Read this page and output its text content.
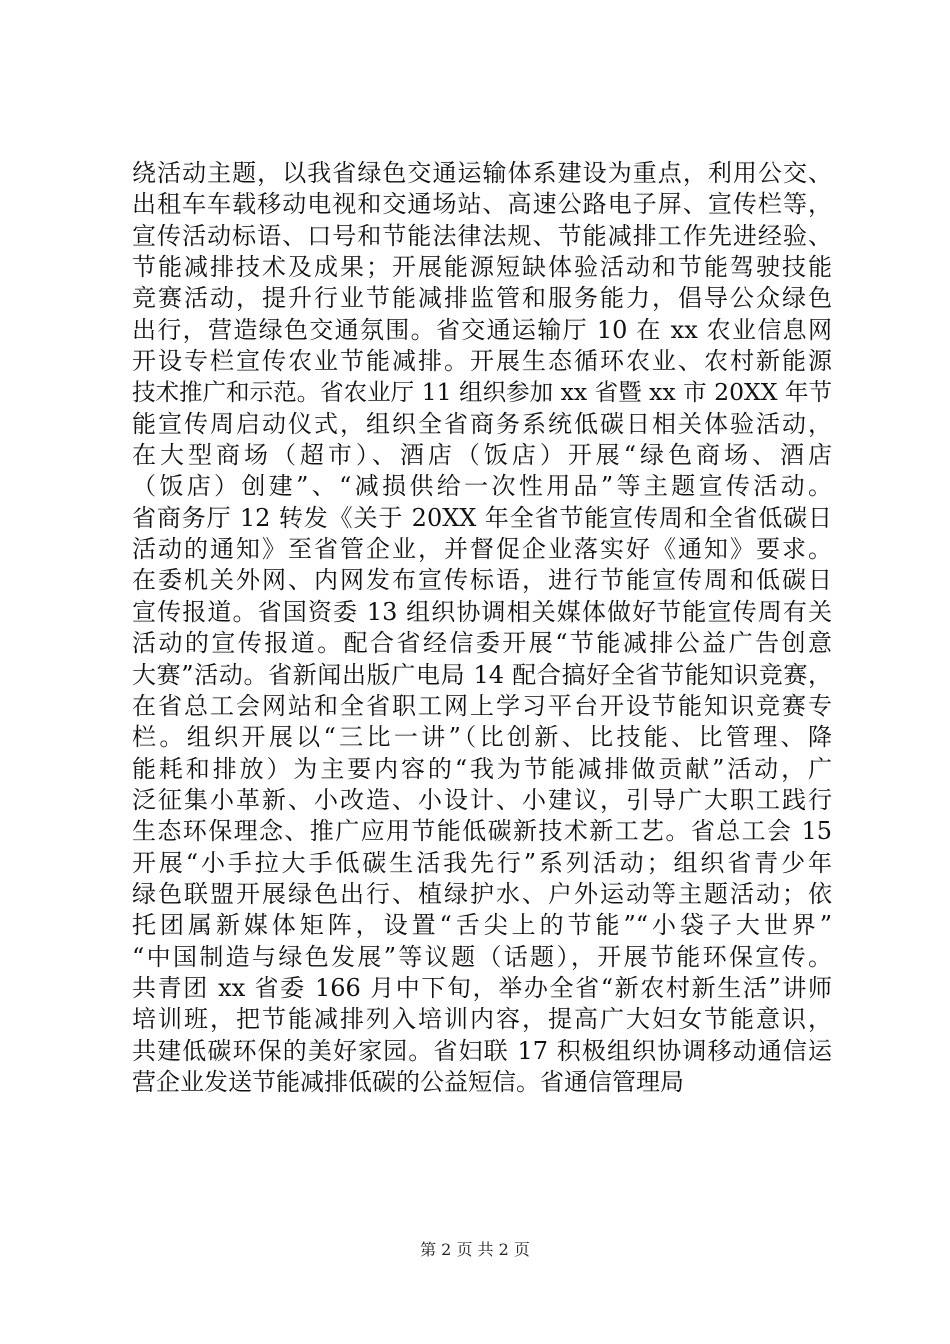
绕活动主题，以我省绿色交通运输体系建设为重点，利用公交、
出租车车载移动电视和交通场站、高速公路电子屏、宣传栏等，
宣传活动标语、口号和节能法律法规、节能减排工作先进经验、
节能减排技术及成果；开展能源短缺体验活动和节能驾驶技能
竞赛活动，提升行业节能减排监管和服务能力，倡导公众绿色
出行，营造绿色交通氛围。省交通运输厅 10 在 xx 农业信息网
开设专栏宣传农业节能减排。开展生态循环农业、农村新能源
技术推广和示范。省农业厅 11 组织参加 xx 省暨 xx 市 20XX 年节
能宣传周启动仪式，组织全省商务系统低碳日相关体验活动，
在大型商场（超市）、酒店（饭店）开展“绿色商场、酒店
（饭店）创建”、“减损供给一次性用品”等主题宣传活动。
省商务厅 12 转发《关于 20XX 年全省节能宣传周和全省低碳日
活动的通知》至省管企业，并督促企业落实好《通知》要求。
在委机关外网、内网发布宣传标语，进行节能宣传周和低碳日
宣传报道。省国资委 13 组织协调相关媒体做好节能宣传周有关
活动的宣传报道。配合省经信委开展“节能减排公益广告创意
大赛”活动。省新闻出版广电局 14 配合搞好全省节能知识竞赛，
在省总工会网站和全省职工网上学习平台开设节能知识竞赛专
栏。组织开展以“三比一讲”（比创新、比技能、比管理、降
能耗和排放）为主要内容的“我为节能减排做贡献”活动，广
泛征集小革新、小改造、小设计、小建议，引导广大职工践行
生态环保理念、推广应用节能低碳新技术新工艺。省总工会 15
开展“小手拉大手低碳生活我先行”系列活动；组织省青少年
绿色联盟开展绿色出行、植绿护水、户外运动等主题活动；依
托团属新媒体矩阵，设置“舌尖上的节能”“小袋子大世界”
“中国制造与绿色发展”等议题（话题），开展节能环保宣传。
共青团 xx 省委 166 月中下旬，举办全省“新农村新生活”讲师
培训班，把节能减排列入培训内容，提高广大妇女节能意识，
共建低碳环保的美好家园。省妇联 17 积极组织协调移动通信运
营企业发送节能减排低碳的公益短信。省通信管理局
第 2 页 共 2 页
